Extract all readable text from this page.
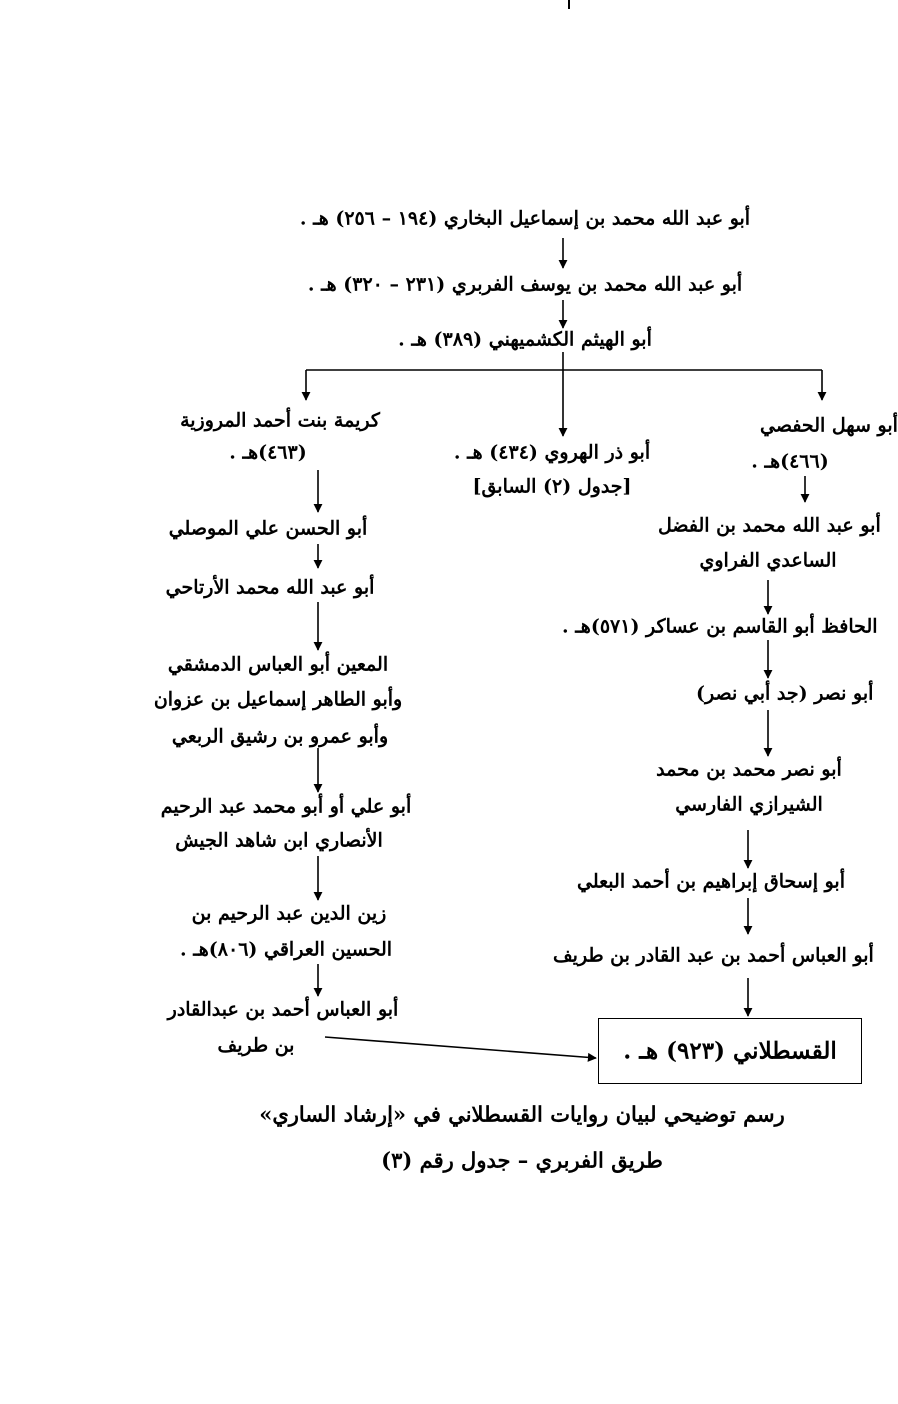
أبو عبد الله محمد بن إسماعيل البخاري (١٩٤ – ٢٥٦) هـ .
أبو عبد الله محمد بن يوسف الفربري (٢٣١ – ٣٢٠) هـ .
أبو الهيثم الكشميهني (٣٨٩) هـ .
كريمة بنت أحمد المروزية
(٤٦٣)هـ .
أبو الحسن علي الموصلي
أبو عبد الله محمد الأرتاحي
المعين أبو العباس الدمشقي
وأبو الطاهر إسماعيل بن عزوان
وأبو عمرو بن رشيق الربعي
أبو علي أو أبو محمد عبد الرحيم
الأنصاري ابن شاهد الجيش
زين الدين عبد الرحيم بن
الحسين العراقي (٨٠٦)هـ .
أبو العباس أحمد بن عبدالقادر
بن طريف
أبو ذر الهروي (٤٣٤) هـ .
[جدول (٢) السابق]
أبو سهل الحفصي
(٤٦٦)هـ .
أبو عبد الله محمد بن الفضل
الساعدي الفراوي
الحافظ أبو القاسم بن عساكر (٥٧١)هـ .
أبو نصر (جد أبي نصر)
أبو نصر محمد بن محمد
الشيرازي الفارسي
أبو إسحاق إبراهيم بن أحمد البعلي
أبو العباس أحمد بن عبد القادر بن طريف
القسطلاني (٩٢٣) هـ .
رسم توضيحي لبيان روايات القسطلاني في «إرشاد الساري»
طريق الفربري – جدول رقم (٣)
